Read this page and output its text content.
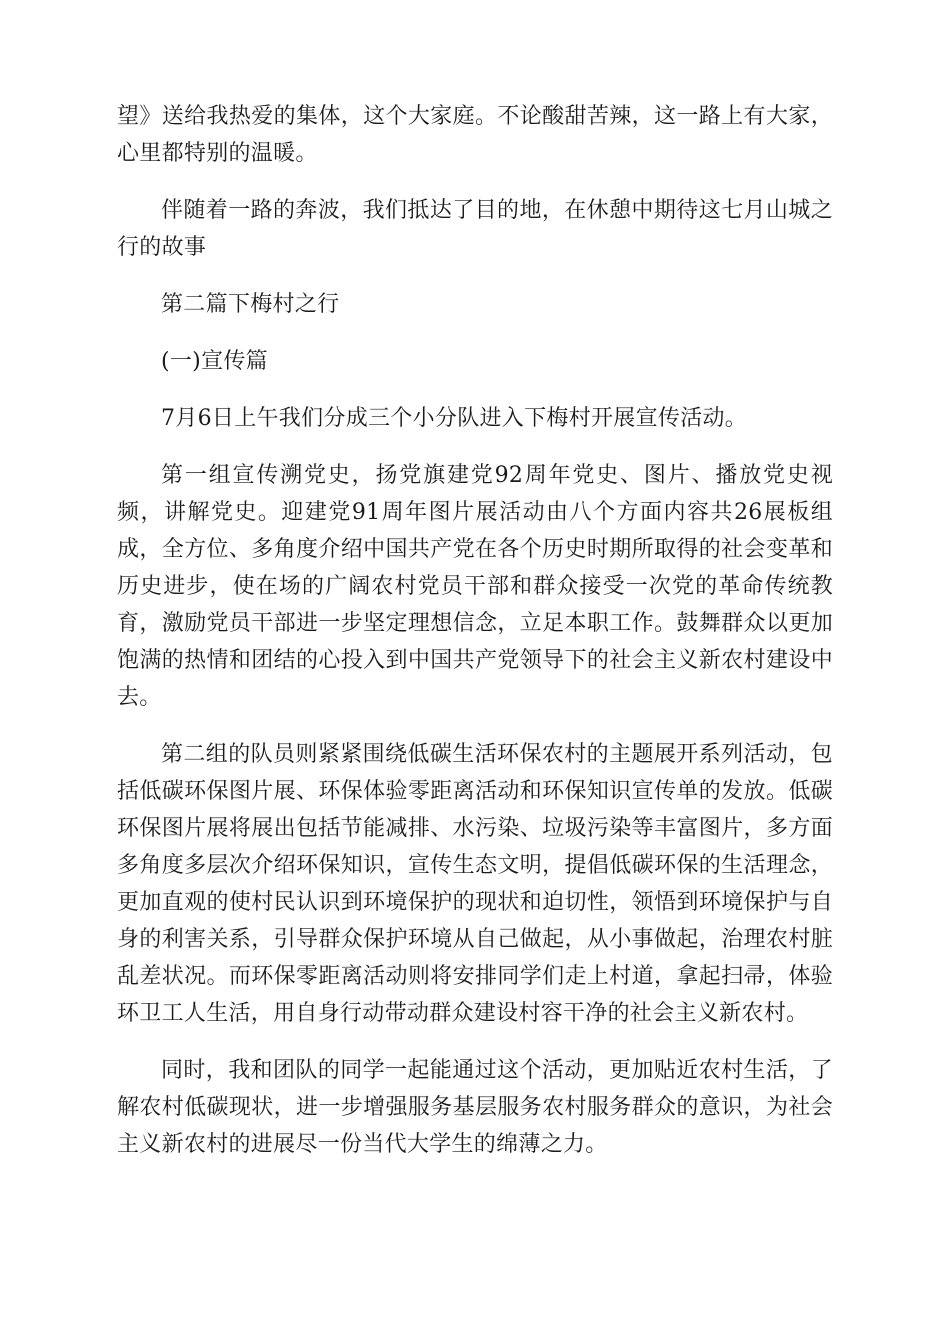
望》送给我热爱的集体，这个大家庭。不论酸甜苦辣，这一路上有大家，心里都特别的温暖。

伴随着一路的奔波，我们抵达了目的地，在休憩中期待这七月山城之行的故事

第二篇下梅村之行

(一)宣传篇

7月6日上午我们分成三个小分队进入下梅村开展宣传活动。

第一组宣传溯党史，扬党旗建党92周年党史、图片、播放党史视频，讲解党史。迎建党91周年图片展活动由八个方面内容共26展板组成，全方位、多角度介绍中国共产党在各个历史时期所取得的社会变革和历史进步，使在场的广阔农村党员干部和群众接受一次党的革命传统教育，激励党员干部进一步坚定理想信念，立足本职工作。鼓舞群众以更加饱满的热情和团结的心投入到中国共产党领导下的社会主义新农村建设中去。

第二组的队员则紧紧围绕低碳生活环保农村的主题展开系列活动，包括低碳环保图片展、环保体验零距离活动和环保知识宣传单的发放。低碳环保图片展将展出包括节能减排、水污染、垃圾污染等丰富图片，多方面多角度多层次介绍环保知识，宣传生态文明，提倡低碳环保的生活理念，更加直观的使村民认识到环境保护的现状和迫切性，领悟到环境保护与自身的利害关系，引导群众保护环境从自己做起，从小事做起，治理农村脏乱差状况。而环保零距离活动则将安排同学们走上村道，拿起扫帚，体验环卫工人生活，用自身行动带动群众建设村容干净的社会主义新农村。

同时，我和团队的同学一起能通过这个活动，更加贴近农村生活，了解农村低碳现状，进一步增强服务基层服务农村服务群众的意识，为社会主义新农村的进展尽一份当代大学生的绵薄之力。
